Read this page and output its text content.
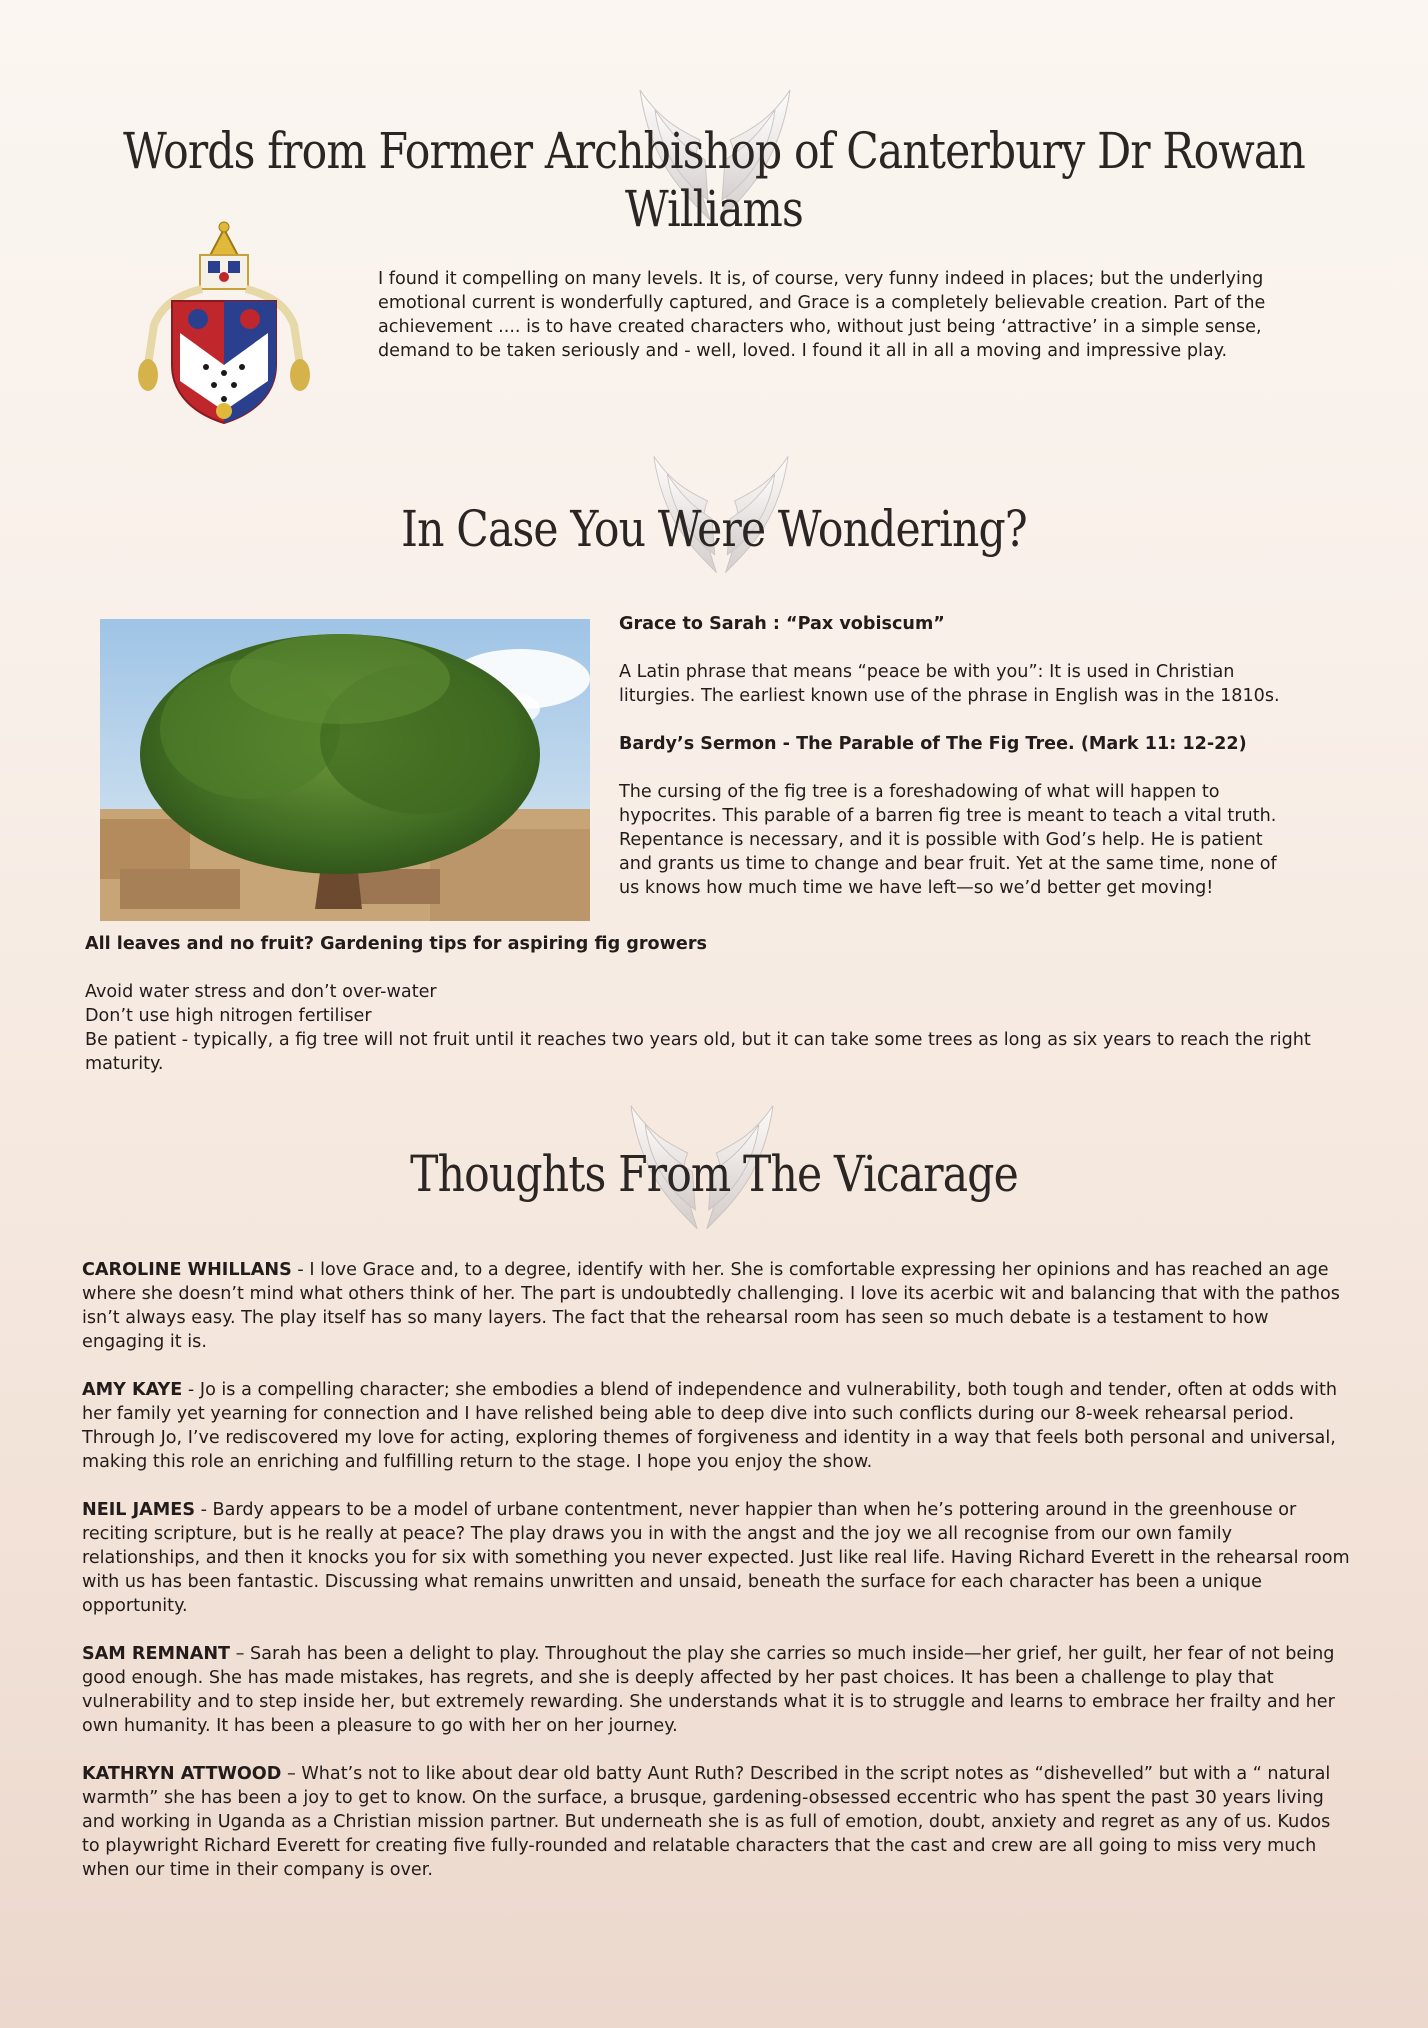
Words from Former Archbishop of Canterbury Dr Rowan Williams

I found it compelling on many levels. It is, of course, very funny indeed in places; but the underlying emotional current is wonderfully captured, and Grace is a completely believable creation. Part of the achievement .... is to have created characters who, without just being ‘attractive’ in a simple sense, demand to be taken seriously and - well, loved. I found it all in all a moving and impressive play.

In Case You Were Wondering?

Grace to Sarah : “Pax vobiscum”

A Latin phrase that means “peace be with you”: It is used in Christian liturgies. The earliest known use of the phrase in English was in the 1810s.

Bardy’s Sermon - The Parable of The Fig Tree. (Mark 11: 12-22)

The cursing of the fig tree is a foreshadowing of what will happen to hypocrites. This parable of a barren fig tree is meant to teach a vital truth. Repentance is necessary, and it is possible with God’s help. He is patient and grants us time to change and bear fruit. Yet at the same time, none of us knows how much time we have left—so we’d better get moving!

All leaves and no fruit? Gardening tips for aspiring fig growers

Avoid water stress and don’t over-water
Don’t use high nitrogen fertiliser
Be patient - typically, a fig tree will not fruit until it reaches two years old, but it can take some trees as long as six years to reach the right maturity.
Thoughts From The Vicarage

CAROLINE WHILLANS - I love Grace and, to a degree, identify with her. She is comfortable expressing her opinions and has reached an age where she doesn’t mind what others think of her. The part is undoubtedly challenging. I love its acerbic wit and balancing that with the pathos isn’t always easy. The play itself has so many layers. The fact that the rehearsal room has seen so much debate is a testament to how engaging it is.

AMY KAYE - Jo is a compelling character; she embodies a blend of independence and vulnerability, both tough and tender, often at odds with her family yet yearning for connection and I have relished being able to deep dive into such conflicts during our 8-week rehearsal period. Through Jo, I’ve rediscovered my love for acting, exploring themes of forgiveness and identity in a way that feels both personal and universal, making this role an enriching and fulfilling return to the stage. I hope you enjoy the show.

NEIL JAMES - Bardy appears to be a model of urbane contentment, never happier than when he’s pottering around in the greenhouse or reciting scripture, but is he really at peace? The play draws you in with the angst and the joy we all recognise from our own family relationships, and then it knocks you for six with something you never expected. Just like real life. Having Richard Everett in the rehearsal room with us has been fantastic. Discussing what remains unwritten and unsaid, beneath the surface for each character has been a unique opportunity.

SAM REMNANT – Sarah has been a delight to play. Throughout the play she carries so much inside—her grief, her guilt, her fear of not being good enough. She has made mistakes, has regrets, and she is deeply affected by her past choices. It has been a challenge to play that vulnerability and to step inside her, but extremely rewarding. She understands what it is to struggle and learns to embrace her frailty and her own humanity. It has been a pleasure to go with her on her journey.

KATHRYN ATTWOOD – What’s not to like about dear old batty Aunt Ruth? Described in the script notes as “dishevelled” but with a “ natural warmth” she has been a joy to get to know. On the surface, a brusque, gardening-obsessed eccentric who has spent the past 30 years living and working in Uganda as a Christian mission partner. But underneath she is as full of emotion, doubt, anxiety and regret as any of us. Kudos to playwright Richard Everett for creating five fully-rounded and relatable characters that the cast and crew are all going to miss very much when our time in their company is over.
